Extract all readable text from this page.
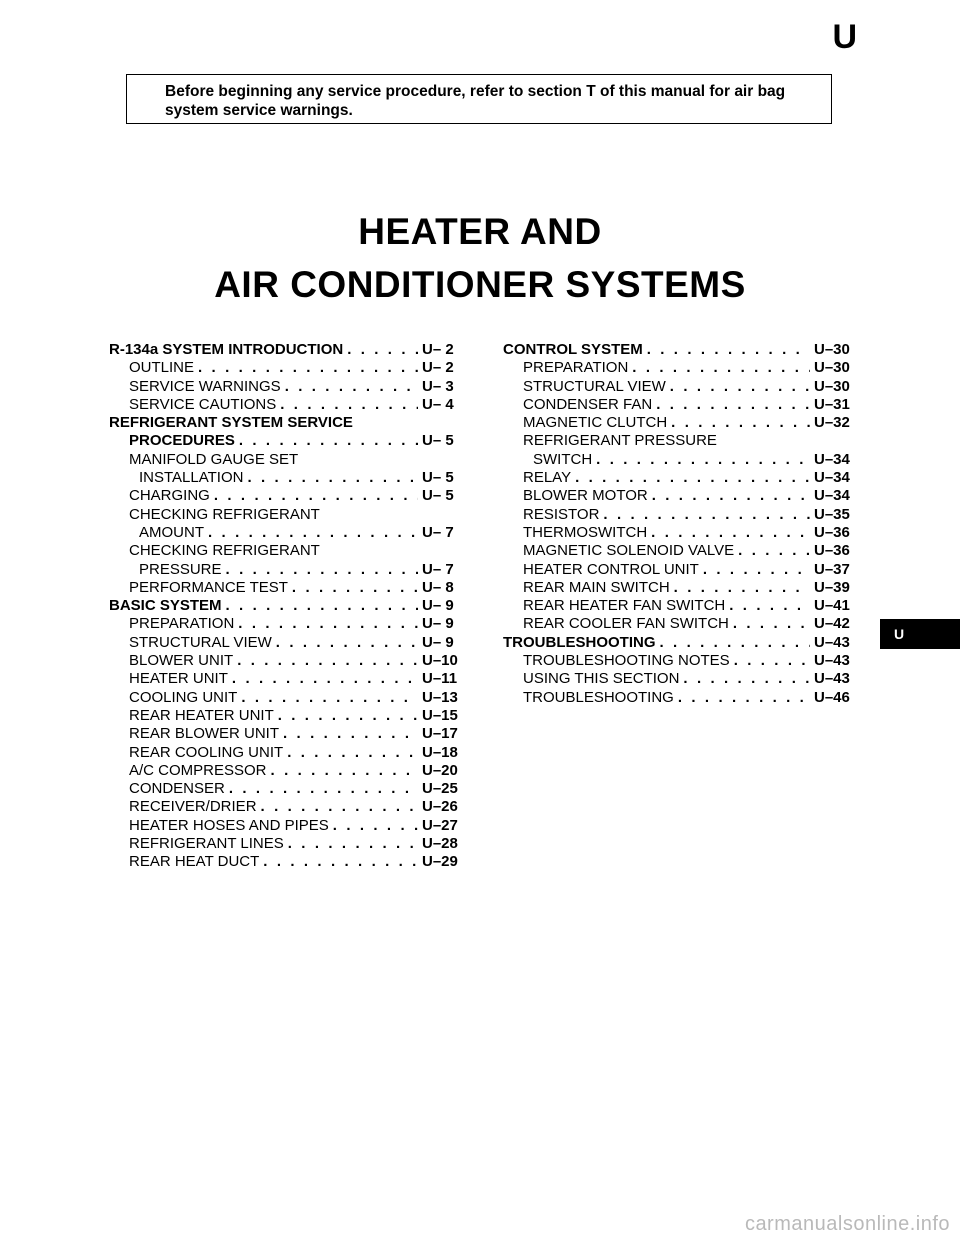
U
Before beginning any service procedure, refer to section T of this manual for air bag system service warnings.
HEATER AND
AIR CONDITIONER SYSTEMS
R-134a SYSTEM INTRODUCTION . . .	U– 2
OUTLINE . . .	U– 2
SERVICE WARNINGS . . .	U– 3
SERVICE CAUTIONS . . .	U– 4
REFRIGERANT SYSTEM SERVICE
PROCEDURES . . .	U– 5
MANIFOLD GAUGE SET
INSTALLATION . . .	U– 5
CHARGING . . .	U– 5
CHECKING REFRIGERANT
AMOUNT . . .	U– 7
CHECKING REFRIGERANT
PRESSURE . . .	U– 7
PERFORMANCE TEST . . .	U– 8
BASIC SYSTEM . . .	U– 9
PREPARATION . . .	U– 9
STRUCTURAL VIEW . . .	U– 9
BLOWER UNIT . . .	U–10
HEATER UNIT . . .	U–11
COOLING UNIT . . .	U–13
REAR HEATER UNIT . . .	U–15
REAR BLOWER UNIT . . .	U–17
REAR COOLING UNIT . . .	U–18
A/C COMPRESSOR . . .	U–20
CONDENSER . . .	U–25
RECEIVER/DRIER . . .	U–26
HEATER HOSES AND PIPES . . .	U–27
REFRIGERANT LINES . . .	U–28
REAR HEAT DUCT . . .	U–29
CONTROL SYSTEM . . .	U–30
PREPARATION . . .	U–30
STRUCTURAL VIEW . . .	U–30
CONDENSER FAN . . .	U–31
MAGNETIC CLUTCH . . .	U–32
REFRIGERANT PRESSURE
SWITCH . . .	U–34
RELAY . . .	U–34
BLOWER MOTOR . . .	U–34
RESISTOR . . .	U–35
THERMOSWITCH . . .	U–36
MAGNETIC SOLENOID VALVE . . .	U–36
HEATER CONTROL UNIT . . .	U–37
REAR MAIN SWITCH . . .	U–39
REAR HEATER FAN SWITCH . . .	U–41
REAR COOLER FAN SWITCH . . .	U–42
TROUBLESHOOTING . . .	U–43
TROUBLESHOOTING NOTES . . .	U–43
USING THIS SECTION . . .	U–43
TROUBLESHOOTING . . .	U–46
U
carmanualsonline.info
